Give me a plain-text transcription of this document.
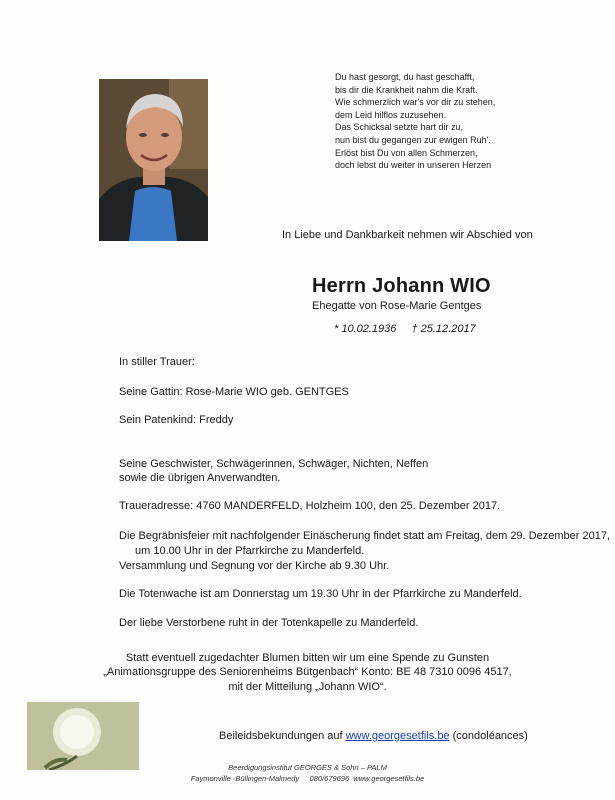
Du hast gesorgt, du hast geschafft,
bis dir die Krankheit nahm die Kraft.
Wie schmerzlich war's vor dir zu stehen,
dem Leid hilflos zuzusehen.
Das Schicksal setzte hart dir zu,
nun bist du gegangen zur ewigen Ruh'.
Erlöst bist Du von allen Schmerzen,
doch lebst du weiter in unseren Herzen
In Liebe und Dankbarkeit nehmen wir Abschied von
Herrn Johann WIO
Ehegatte von Rose-Marie Gentges
* 10.02.1936 † 25.12.2017
In stiller Trauer:
Seine Gattin: Rose-Marie WIO geb. GENTGES
Sein Patenkind: Freddy
Seine Geschwister, Schwägerinnen, Schwäger, Nichten, Neffen
sowie die übrigen Anverwandten.
Traueradresse: 4760 MANDERFELD, Holzheim 100, den 25. Dezember 2017.
Die Begräbnisfeier mit nachfolgender Einäscherung findet statt am Freitag, dem 29. Dezember 2017,
um 10.00 Uhr in der Pfarrkirche zu Manderfeld.
Versammlung und Segnung vor der Kirche ab 9.30 Uhr.
Die Totenwache ist am Donnerstag um 19.30 Uhr in der Pfarrkirche zu Manderfeld.
Der liebe Verstorbene ruht in der Totenkapelle zu Manderfeld.
Statt eventuell zugedachter Blumen bitten wir um eine Spende zu Gunsten
„Animationsgruppe des Seniorenheims Bütgenbach“ Konto: BE 48 7310 0096 4517,
mit der Mitteilung „Johann WIO“.
Beileidsbekundungen auf www.georgesetfils.be (condoléances)
Beerdigungsinstitut GEORGES & Sohn – PALM
Faymonville -Büllingen-Malmedy     080/679696  www.georgesetfils.be
